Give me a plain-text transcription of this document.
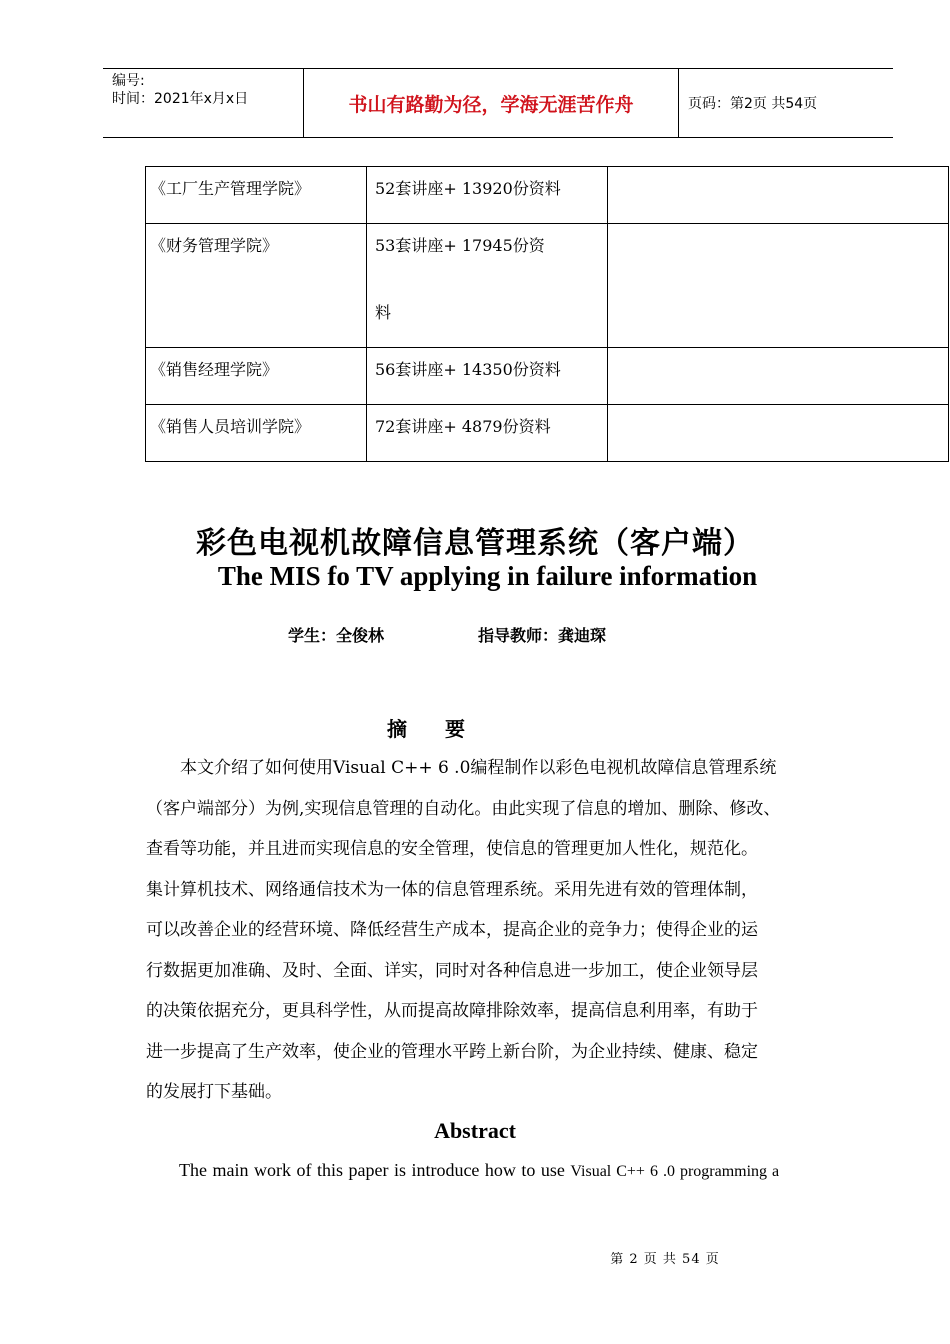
编号:
时间：2021年x月x日	书山有路勤为径，学海无涯苦作舟	页码：第2页 共54页
《工厂生产管理学院》	52套讲座+ 13920份资料	

《财务管理学院》	53套讲座+ 17945份资
料	

《销售经理学院》	56套讲座+ 14350份资料	

《销售人员培训学院》	72套讲座+ 4879份资料	

彩色电视机故障信息管理系统（客户端）
The MIS fo TV applying in failure information
学生：全俊林	指导教师：龚迪琛
摘要
本文介绍了如何使用Visual C++ 6 .0编程制作以彩色电视机故障信息管理系统
（客户端部分）为例,实现信息管理的自动化。由此实现了信息的增加、删除、修改、
查看等功能，并且进而实现信息的安全管理，使信息的管理更加人性化，规范化。
集计算机技术、网络通信技术为一体的信息管理系统。采用先进有效的管理体制，
可以改善企业的经营环境、降低经营生产成本，提高企业的竞争力；使得企业的运
行数据更加准确、及时、全面、详实，同时对各种信息进一步加工，使企业领导层
的决策依据充分，更具科学性，从而提高故障排除效率，提高信息利用率，有助于
进一步提高了生产效率，使企业的管理水平跨上新台阶，为企业持续、健康、稳定
的发展打下基础。
Abstract
The main work of this paper is introduce how to use Visual C++ 6 .0 programming a
第 2 页 共 54 页
